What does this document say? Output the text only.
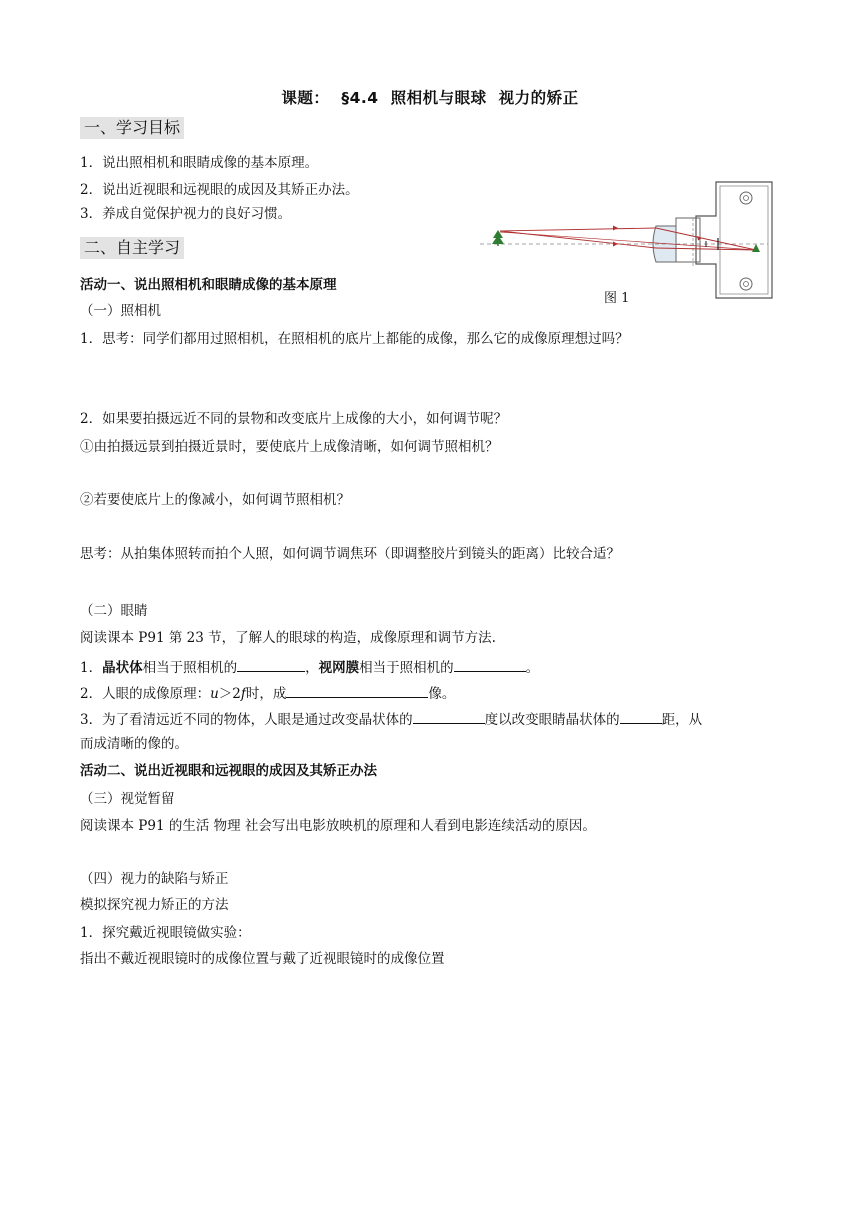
课题： §4.4 照相机与眼球 视力的矫正
一、学习目标
1．说出照相机和眼睛成像的基本原理。
2．说出近视眼和远视眼的成因及其矫正办法。
3．养成自觉保护视力的良好习惯。
二、自主学习
活动一、说出照相机和眼睛成像的基本原理
（一）照相机
1．思考：同学们都用过照相机，在照相机的底片上都能的成像，那么它的成像原理想过吗？
2．如果要拍摄远近不同的景物和改变底片上成像的大小，如何调节呢？
①由拍摄远景到拍摄近景时，要使底片上成像清晰，如何调节照相机？
②若要使底片上的像减小，如何调节照相机？
思考：从拍集体照转而拍个人照，如何调节调焦环（即调整胶片到镜头的距离）比较合适？
图 1
（二）眼睛
阅读课本 P91 第 23 节，了解人的眼球的构造，成像原理和调节方法.
1．晶状体相当于照相机的	，视网膜相当于照相机的	。
2．人眼的成像原理：u＞2f时，成	像。
3．为了看清远近不同的物体，人眼是通过改变晶状体的	度以改变眼睛晶状体的	距，从
而成清晰的像的。
活动二、说出近视眼和远视眼的成因及其矫正办法
（三）视觉暂留
阅读课本 P91 的生活 物理 社会写出电影放映机的原理和人看到电影连续活动的原因。
（四）视力的缺陷与矫正
模拟探究视力矫正的方法
1．探究戴近视眼镜做实验：
指出不戴近视眼镜时的成像位置与戴了近视眼镜时的成像位置
